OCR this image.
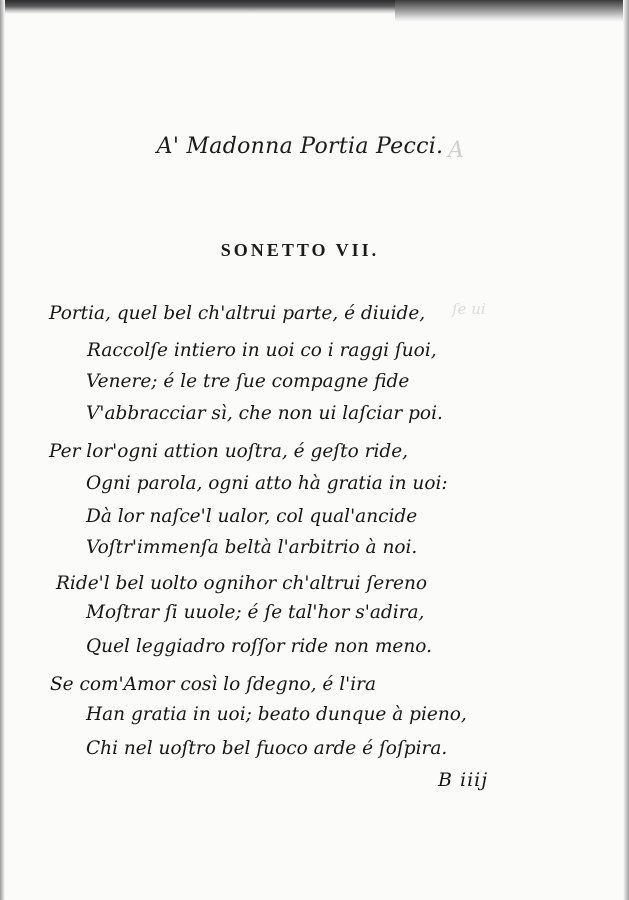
A
ſe ui
A' Madonna Portia Pecci.
SONETTO VII.

Portia, quel bel ch'altrui parte, é diuide,

Raccolſe intiero in uoi co i raggi ſuoi,

Venere; é le tre ſue compagne fide

V'abbracciar sì, che non ui laſciar poi.

Per lor'ogni attion uoſtra, é geſto ride,

Ogni parola, ogni atto hà gratia in uoi:

Dà lor naſce'l ualor, col qual'ancide

Voſtr'immenſa beltà l'arbitrio à noi.

Ride'l bel uolto ognihor ch'altrui ſereno

Moſtrar ſi uuole; é ſe tal'hor s'adira,

Quel leggiadro roſſor ride non meno.

Se com'Amor così lo ſdegno, é l'ira

Han gratia in uoi; beato dunque à pieno,

Chi nel uoſtro bel fuoco arde é ſoſpira.

B iiij
